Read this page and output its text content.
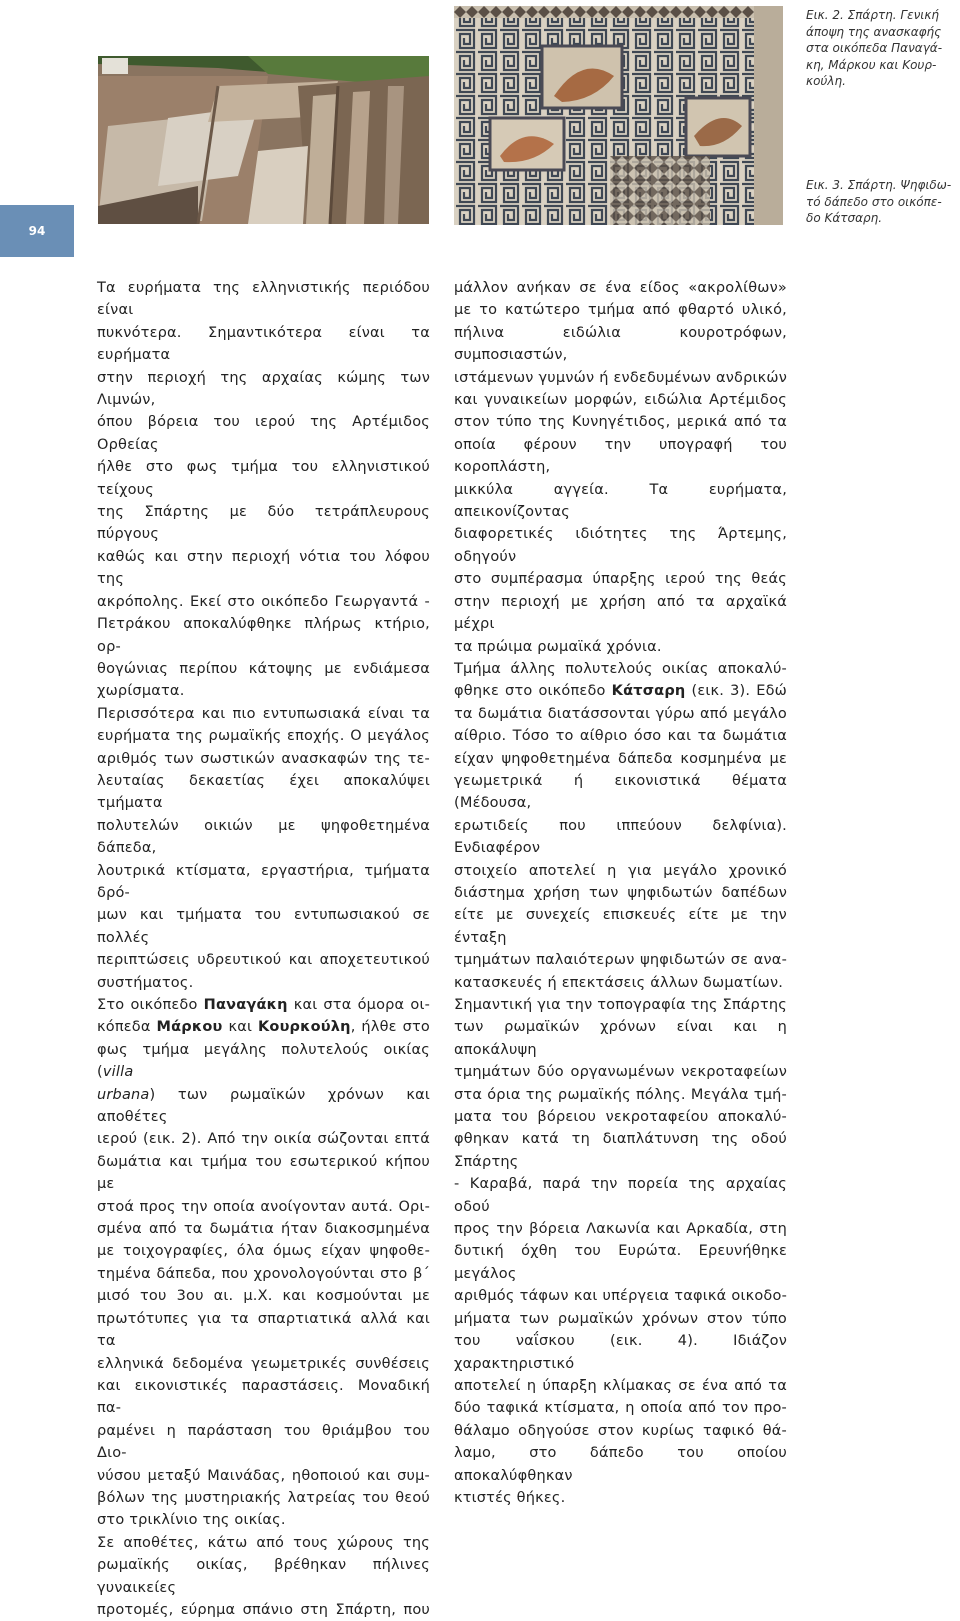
94
Εικ. 2. Σπάρτη. Γενική άποψη της ανασκαφής στα οικόπεδα Παναγά- κη, Μάρκου και Κουρ- κούλη.
Εικ. 3. Σπάρτη. Ψηφιδω- τό δάπεδο στο οικόπε- δο Κάτσαρη.

Τα ευρήματα της ελληνιστικής περιόδου είναι
πυκνότερα. Σημαντικότερα είναι τα ευρήματα
στην περιοχή της αρχαίας κώμης των Λιμνών,
όπου βόρεια του ιερού της Αρτέμιδος Ορθείας
ήλθε στο φως τμήμα του ελληνιστικού τείχους
της Σπάρτης με δύο τετράπλευρους πύργους
καθώς και στην περιοχή νότια του λόφου της
ακρόπολης. Εκεί στο οικόπεδο Γεωργαντά -
Πετράκου αποκαλύφθηκε πλήρως κτήριο, ορ-
θογώνιας περίπου κάτοψης με ενδιάμεσα
χωρίσματα.

Περισσότερα και πιο εντυπωσιακά είναι τα
ευρήματα της ρωμαϊκής εποχής. Ο μεγάλος
αριθμός των σωστικών ανασκαφών της τε-
λευταίας δεκαετίας έχει αποκαλύψει τμήματα
πολυτελών οικιών με ψηφοθετημένα δάπεδα,
λουτρικά κτίσματα, εργαστήρια, τμήματα δρό-
μων και τμήματα του εντυπωσιακού σε πολλές
περιπτώσεις υδρευτικού και αποχετευτικού
συστήματος.

Στο οικόπεδο Παναγάκη και στα όμορα οι-
κόπεδα Μάρκου και Κουρκούλη, ήλθε στο
φως τμήμα μεγάλης πολυτελούς οικίας (villa
urbana) των ρωμαϊκών χρόνων και αποθέτες
ιερού (εικ. 2). Από την οικία σώζονται επτά
δωμάτια και τμήμα του εσωτερικού κήπου με
στοά προς την οποία ανοίγονταν αυτά. Ορι-
σμένα από τα δωμάτια ήταν διακοσμημένα
με τοιχογραφίες, όλα όμως είχαν ψηφοθε-
τημένα δάπεδα, που χρονολογούνται στο β΄
μισό του 3ου αι. μ.Χ. και κοσμούνται με
πρωτότυπες για τα σπαρτιατικά αλλά και τα
ελληνικά δεδομένα γεωμετρικές συνθέσεις
και εικονιστικές παραστάσεις. Μοναδική πα-
ραμένει η παράσταση του θριάμβου του Διο-
νύσου μεταξύ Μαινάδας, ηθοποιού και συμ-
βόλων της μυστηριακής λατρείας του θεού
στο τρικλίνιο της οικίας.

Σε αποθέτες, κάτω από τους χώρους της
ρωμαϊκής οικίας, βρέθηκαν πήλινες γυναικείες
προτομές, εύρημα σπάνιο στη Σπάρτη, που

μάλλον ανήκαν σε ένα είδος «ακρολίθων»
με το κατώτερο τμήμα από φθαρτό υλικό,
πήλινα ειδώλια κουροτρόφων, συμποσιαστών,
ιστάμενων γυμνών ή ενδεδυμένων ανδρικών
και γυναικείων μορφών, ειδώλια Αρτέμιδος
στον τύπο της Κυνηγέτιδος, μερικά από τα
οποία φέρουν την υπογραφή του κοροπλάστη,
μικκύλα αγγεία. Τα ευρήματα, απεικονίζοντας
διαφορετικές ιδιότητες της Άρτεμης, οδηγούν
στο συμπέρασμα ύπαρξης ιερού της θεάς
στην περιοχή με χρήση από τα αρχαϊκά μέχρι
τα πρώιμα ρωμαϊκά χρόνια.

Τμήμα άλλης πολυτελούς οικίας αποκαλύ-
φθηκε στο οικόπεδο Κάτσαρη (εικ. 3). Εδώ
τα δωμάτια διατάσσονται γύρω από μεγάλο
αίθριο. Τόσο το αίθριο όσο και τα δωμάτια
είχαν ψηφοθετημένα δάπεδα κοσμημένα με
γεωμετρικά ή εικονιστικά θέματα (Μέδουσα,
ερωτιδείς που ιππεύουν δελφίνια). Ενδιαφέρον
στοιχείο αποτελεί η για μεγάλο χρονικό
διάστημα χρήση των ψηφιδωτών δαπέδων
είτε με συνεχείς επισκευές είτε με την ένταξη
τμημάτων παλαιότερων ψηφιδωτών σε ανα-
κατασκευές ή επεκτάσεις άλλων δωματίων.

Σημαντική για την τοπογραφία της Σπάρτης
των ρωμαϊκών χρόνων είναι και η αποκάλυψη
τμημάτων δύο οργανωμένων νεκροταφείων
στα όρια της ρωμαϊκής πόλης. Μεγάλα τμή-
ματα του βόρειου νεκροταφείου αποκαλύ-
φθηκαν κατά τη διαπλάτυνση της οδού Σπάρτης
- Καραβά, παρά την πορεία της αρχαίας οδού
προς την βόρεια Λακωνία και Αρκαδία, στη
δυτική όχθη του Ευρώτα. Ερευνήθηκε μεγάλος
αριθμός τάφων και υπέργεια ταφικά οικοδο-
μήματα των ρωμαϊκών χρόνων στον τύπο
του ναΐσκου (εικ. 4). Ιδιάζον χαρακτηριστικό
αποτελεί η ύπαρξη κλίμακας σε ένα από τα
δύο ταφικά κτίσματα, η οποία από τον προ-
θάλαμο οδηγούσε στον κυρίως ταφικό θά-
λαμο, στο δάπεδο του οποίου αποκαλύφθηκαν
κτιστές θήκες.
